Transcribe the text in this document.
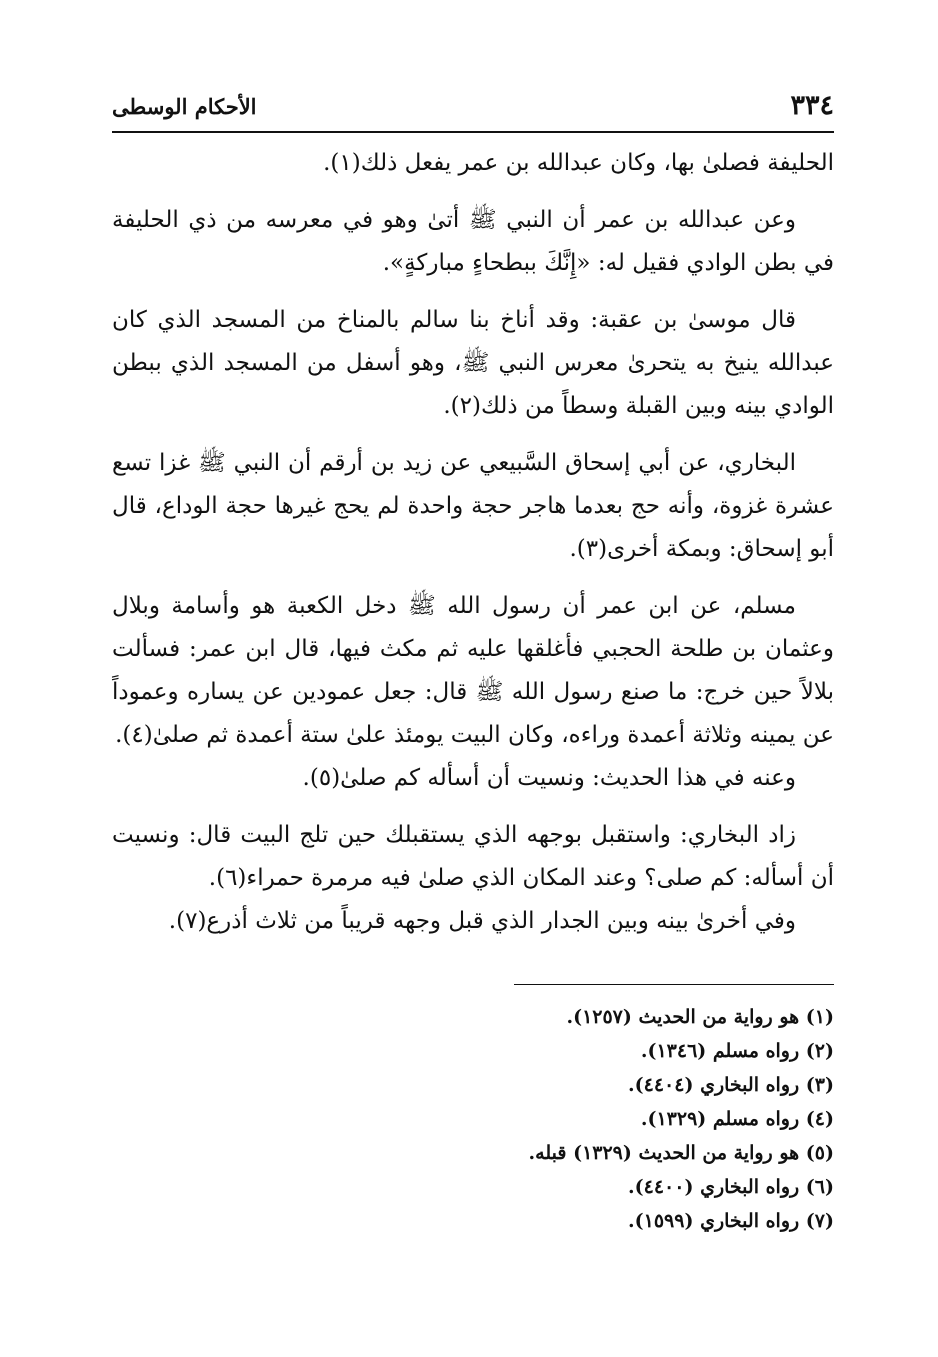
٣٣٤
الأحكام الوسطى

الحليفة فصلىٰ بها، وكان عبدالله بن عمر يفعل ذلك(١).

وعن عبدالله بن عمر أن النبي ﷺ أتىٰ وهو في معرسه من ذي الحليفة في بطن الوادي فقيل له: «إِنَّكَ ببطحاءٍ مباركةٍ».

قال موسىٰ بن عقبة: وقد أناخ بنا سالم بالمناخ من المسجد الذي كان عبدالله ينيخ به يتحرىٰ معرس النبي ﷺ، وهو أسفل من المسجد الذي ببطن الوادي بينه وبين القبلة وسطاً من ذلك(٢).

البخاري، عن أبي إسحاق السَّبيعي عن زيد بن أرقم أن النبي ﷺ غزا تسع عشرة غزوة، وأنه حج بعدما هاجر حجة واحدة لم يحج غيرها حجة الوداع، قال أبو إسحاق: وبمكة أخرى(٣).

مسلم، عن ابن عمر أن رسول الله ﷺ دخل الكعبة هو وأسامة وبلال وعثمان بن طلحة الحجبي فأغلقها عليه ثم مكث فيها، قال ابن عمر: فسألت بلالاً حين خرج: ما صنع رسول الله ﷺ قال: جعل عمودين عن يساره وعموداً عن يمينه وثلاثة أعمدة وراءه، وكان البيت يومئذ علىٰ ستة أعمدة ثم صلىٰ(٤).

وعنه في هذا الحديث: ونسيت أن أسأله كم صلىٰ(٥).

زاد البخاري: واستقبل بوجهه الذي يستقبلك حين تلج البيت قال: ونسيت أن أسأله: كم صلى؟ وعند المكان الذي صلىٰ فيه مرمرة حمراء(٦).

وفي أخرىٰ بينه وبين الجدار الذي قبل وجهه قريباً من ثلاث أذرع(٧).

(١) هو رواية من الحديث (١٢٥٧).
(٢) رواه مسلم (١٣٤٦).
(٣) رواه البخاري (٤٤٠٤).
(٤) رواه مسلم (١٣٢٩).
(٥) هو رواية من الحديث (١٣٢٩) قبله.
(٦) رواه البخاري (٤٤٠٠).
(٧) رواه البخاري (١٥٩٩).
